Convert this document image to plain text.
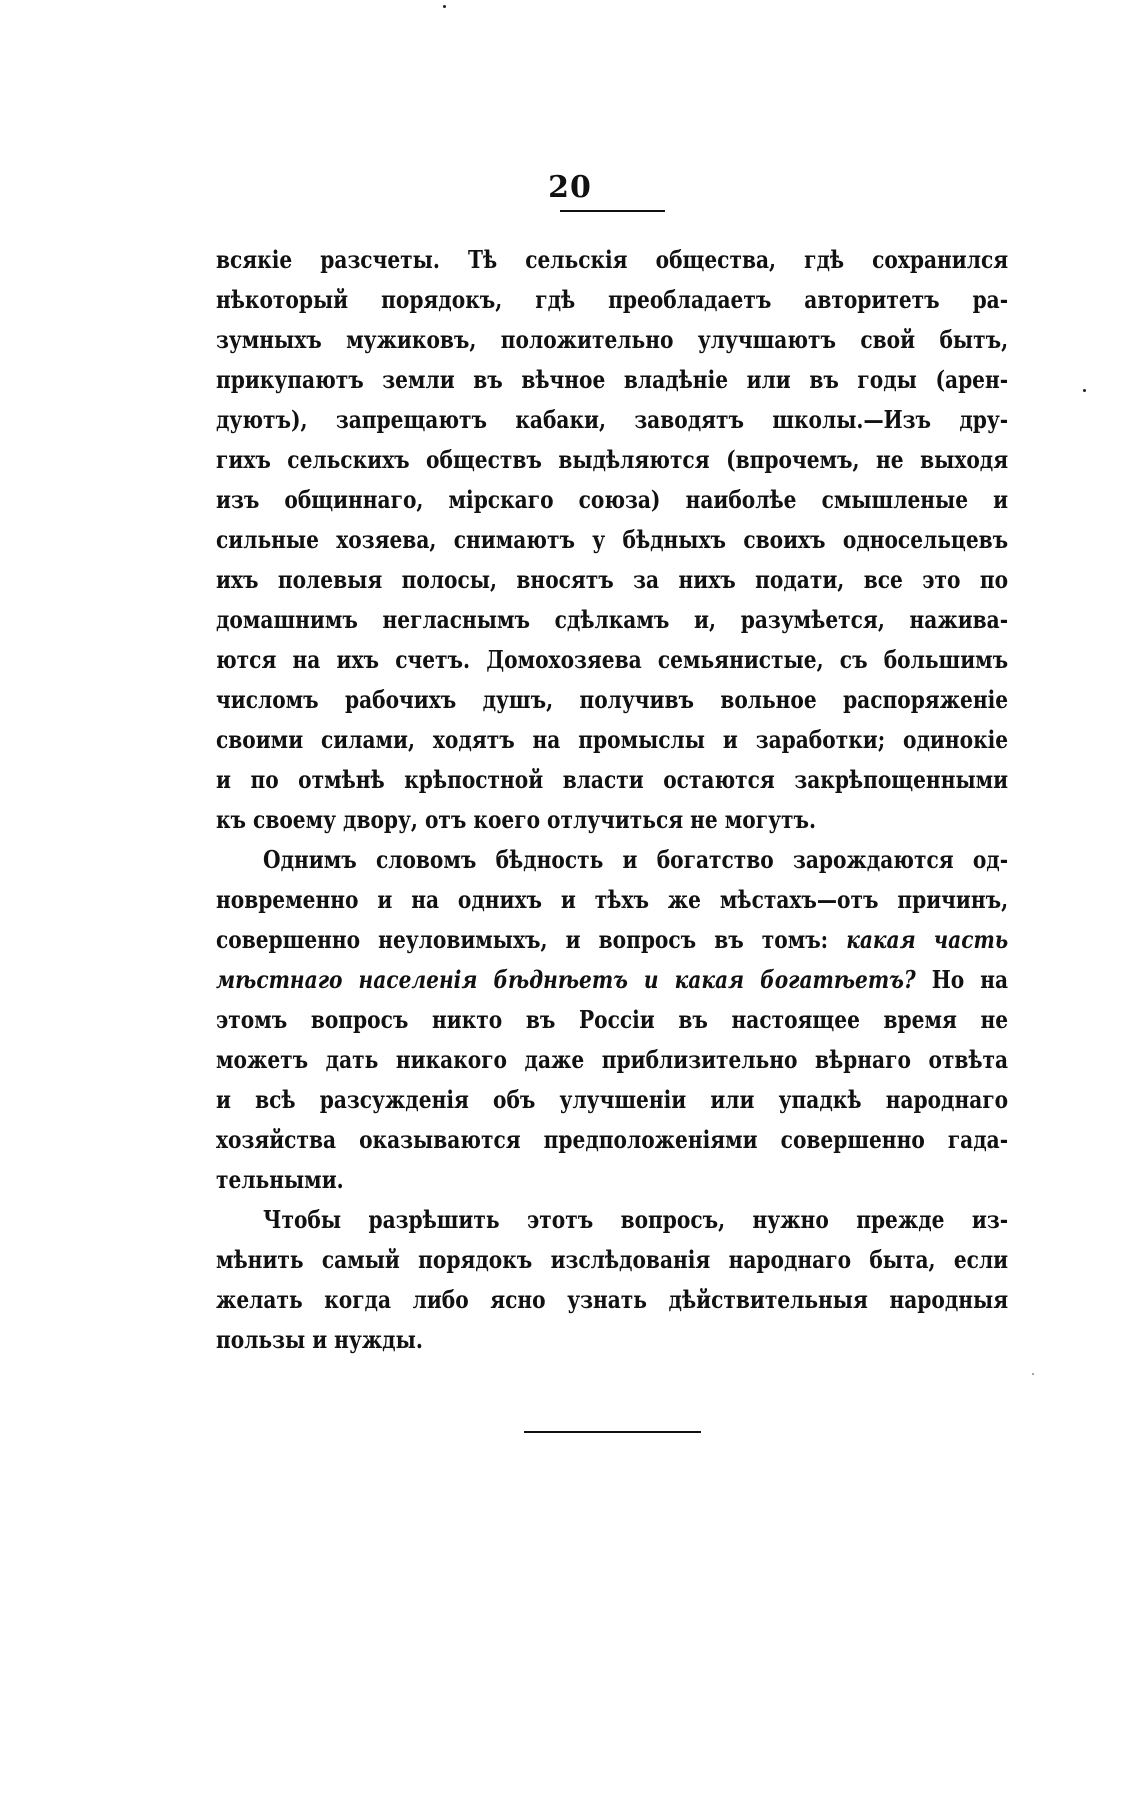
20
всякie разсчеты. Тѣ сельскiя общества, гдѣ сохранился
нѣкоторый порядокъ, гдѣ преобладаетъ авторитетъ ра-
зумныхъ мужиковъ, положительно улучшаютъ свой бытъ,
прикупаютъ земли въ вѣчное владѣнiе или въ годы (арен-
дуютъ), запрещаютъ кабаки, заводятъ школы.—Изъ дру-
гихъ сельскихъ обществъ выдѣляются (впрочемъ, не выходя
изъ общиннаго, мiрскаго союза) наиболѣе смышленые и
сильные хозяева, снимаютъ у бѣдныхъ своихъ односельцевъ
ихъ полевыя полосы, вносятъ за нихъ подати, все это по
домашнимъ негласнымъ сдѣлкамъ и, разумѣется, нажива-
ются на ихъ счетъ. Домохозяева семьянистые, съ большимъ
числомъ рабочихъ душъ, получивъ вольное распоряженiе
своими силами, ходятъ на промыслы и заработки; одинокiе
и по отмѣнѣ крѣпостной власти остаются закрѣпощенными
къ своему двору, отъ коего отлучиться не могутъ.
Однимъ словомъ бѣдность и богатство зарождаются од-
новременно и на однихъ и тѣхъ же мѣстахъ—отъ причинъ,
совершенно неуловимыхъ, и вопросъ въ томъ: какая часть
мѣстнаго населенiя бѣднѣетъ и какая богатѣетъ? Но на
этомъ вопросъ никто въ Россiи въ настоящее время не
можетъ дать никакого даже приблизительно вѣрнаго отвѣта
и всѣ разсужденiя объ улучшенiи или упадкѣ народнаго
хозяйства оказываются предположенiями совершенно гада-
тельными.
Чтобы разрѣшить этотъ вопросъ, нужно прежде из-
мѣнить самый порядокъ изслѣдованiя народнаго быта, если
желать когда либо ясно узнать дѣйствительныя народныя
пользы и нужды.
